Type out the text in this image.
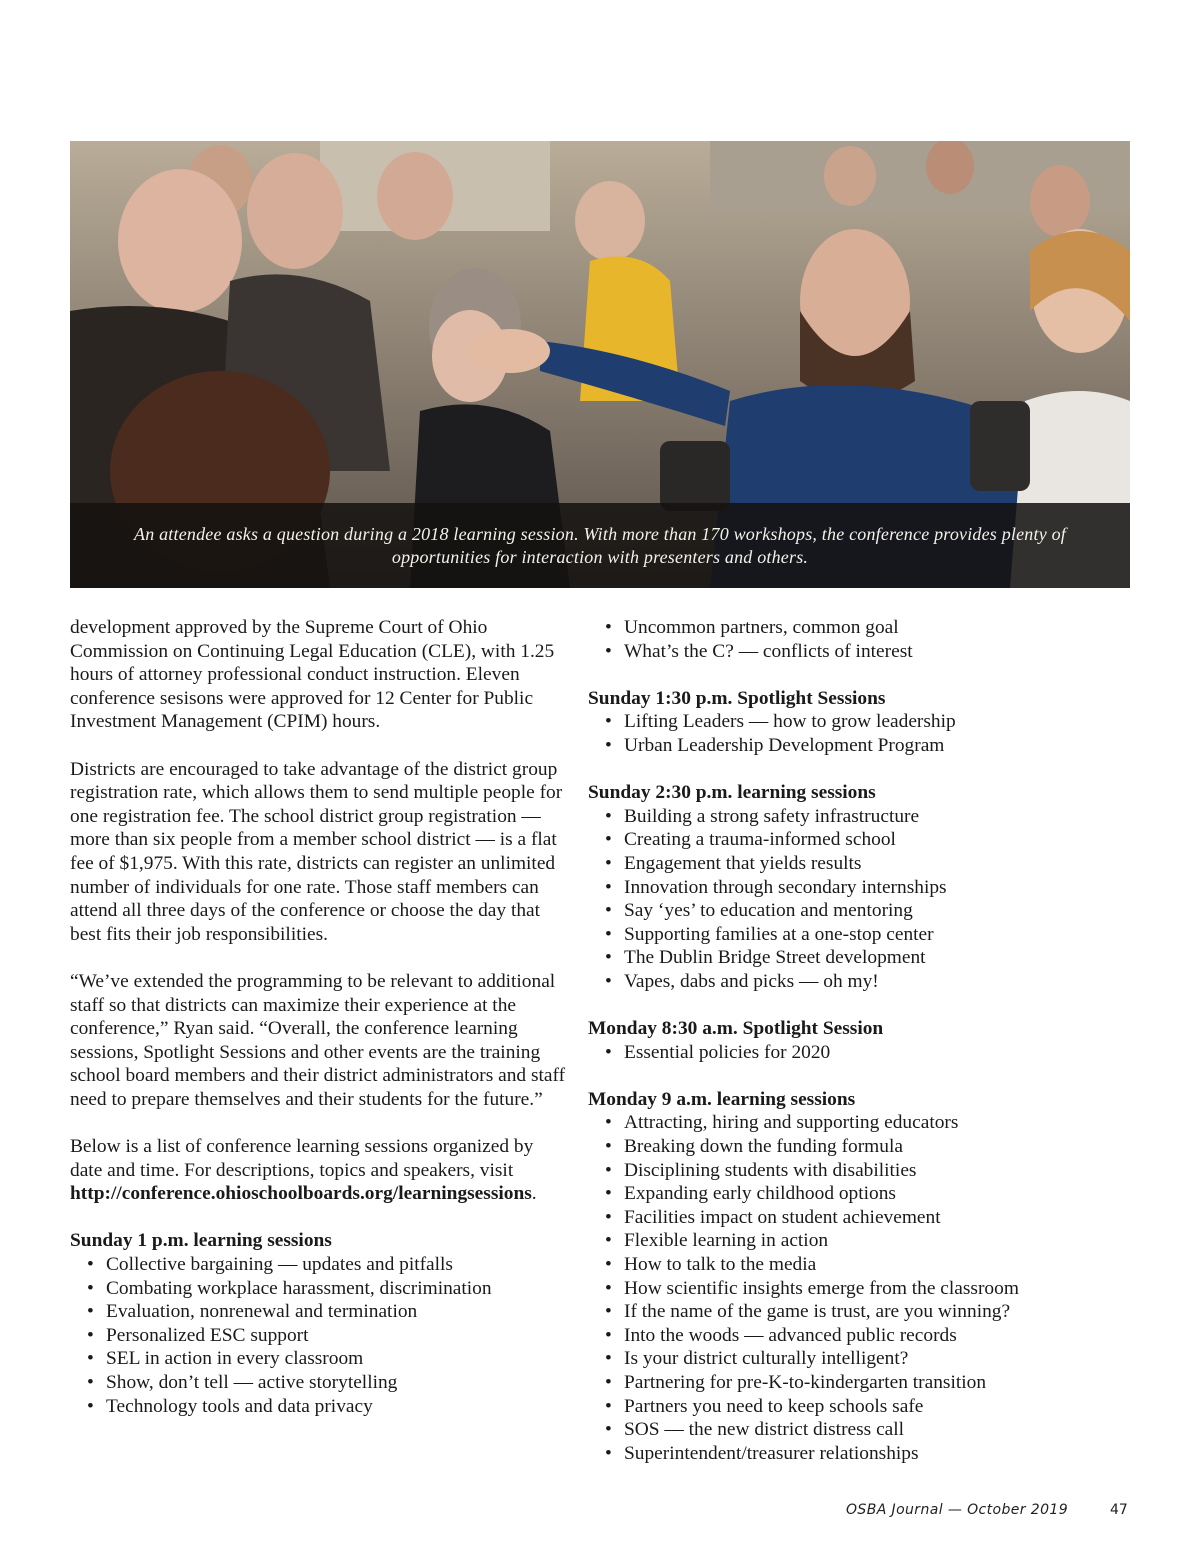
An attendee asks a question during a 2018 learning session. With more than 170 workshops, the conference provides plenty of opportunities for interaction with presenters and others.

development approved by the Supreme Court of Ohio Commission on Continuing Legal Education (CLE), with 1.25 hours of attorney professional conduct instruction. Eleven conference sesisons were approved for 12 Center for Public Investment Management (CPIM) hours.

Districts are encouraged to take advantage of the district group registration rate, which allows them to send multiple people for one registration fee. The school district group registration — more than six people from a member school district — is a flat fee of $1,975. With this rate, districts can register an unlimited number of individuals for one rate. Those staff members can attend all three days of the conference or choose the day that best fits their job responsibilities.

“We’ve extended the programming to be relevant to additional staff so that districts can maximize their experience at the conference,” Ryan said. “Overall, the conference learning sessions, Spotlight Sessions and other events are the training school board members and their district administrators and staff need to prepare themselves and their students for the future.”

Below is a list of conference learning sessions organized by date and time. For descriptions, topics and speakers, visit http://conference.ohioschoolboards.org/learningsessions.

Sunday 1 p.m. learning sessions

• Collective bargaining — updates and pitfalls
• Combating workplace harassment, discrimination
• Evaluation, nonrenewal and termination
• Personalized ESC support
• SEL in action in every classroom
• Show, don’t tell — active storytelling
• Technology tools and data privacy
• Uncommon partners, common goal
• What’s the C? — conflicts of interest

Sunday 1:30 p.m. Spotlight Sessions

• Lifting Leaders — how to grow leadership
• Urban Leadership Development Program

Sunday 2:30 p.m. learning sessions

• Building a strong safety infrastructure
• Creating a trauma-informed school
• Engagement that yields results
• Innovation through secondary internships
• Say ‘yes’ to education and mentoring
• Supporting families at a one-stop center
• The Dublin Bridge Street development
• Vapes, dabs and picks — oh my!

Monday 8:30 a.m. Spotlight Session

• Essential policies for 2020

Monday 9 a.m. learning sessions

• Attracting, hiring and supporting educators
• Breaking down the funding formula
• Disciplining students with disabilities
• Expanding early childhood options
• Facilities impact on student achievement
• Flexible learning in action
• How to talk to the media
• How scientific insights emerge from the classroom
• If the name of the game is trust, are you winning?
• Into the woods — advanced public records
• Is your district culturally intelligent?
• Partnering for pre-K-to-kindergarten transition
• Partners you need to keep schools safe
• SOS — the new district distress call
• Superintendent/treasurer relationships
OSBA Journal — October 2019	47
